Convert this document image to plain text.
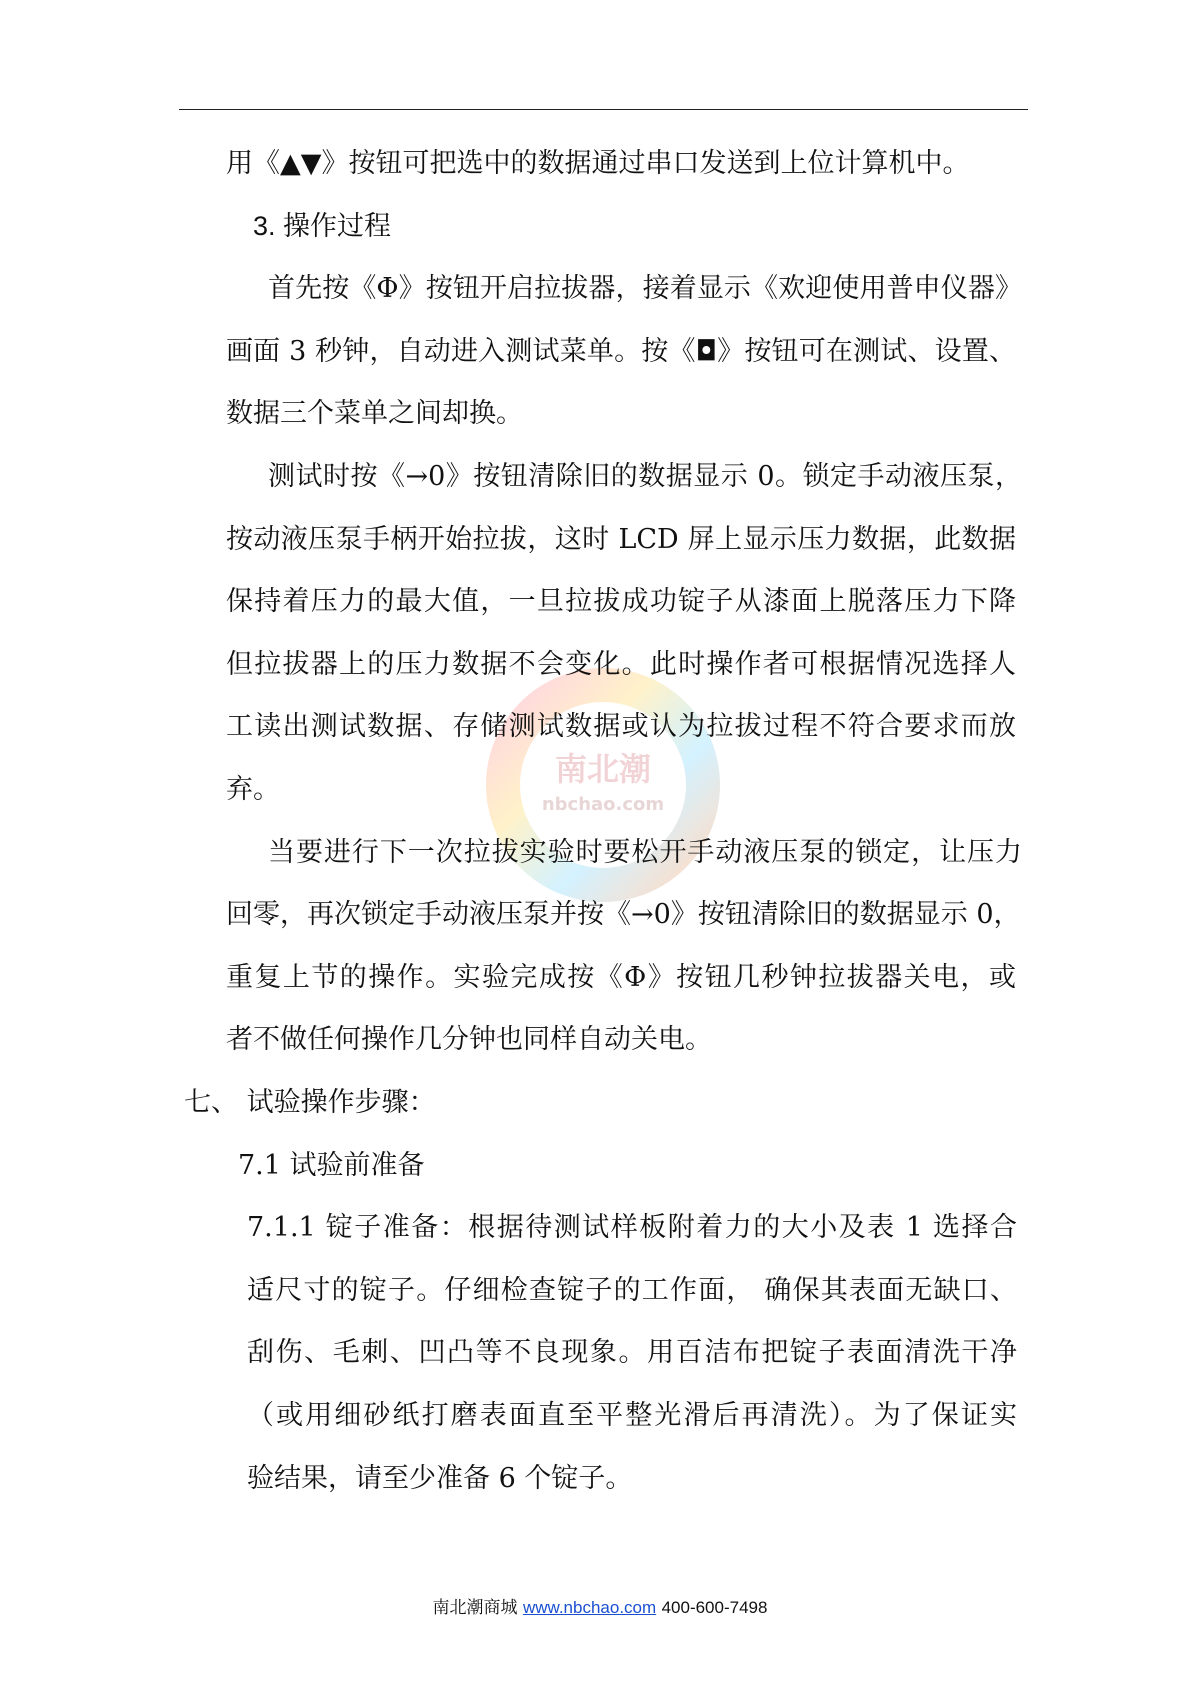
南北潮
nbchao.com
用《▲▼》按钮可把选中的数据通过串口发送到上位计算机中。
3. 操作过程
首先按《Φ》按钮开启拉拔器，接着显示《欢迎使用普申仪器》
画面 3 秒钟，自动进入测试菜单。按《◘》按钮可在测试、设置、
数据三个菜单之间却换。
测试时按《→0》按钮清除旧的数据显示 0。锁定手动液压泵，
按动液压泵手柄开始拉拔，这时 LCD 屏上显示压力数据，此数据
保持着压力的最大值，一旦拉拔成功锭子从漆面上脱落压力下降
但拉拔器上的压力数据不会变化。此时操作者可根据情况选择人
工读出测试数据、存储测试数据或认为拉拔过程不符合要求而放
弃。
当要进行下一次拉拔实验时要松开手动液压泵的锁定，让压力
回零，再次锁定手动液压泵并按《→0》按钮清除旧的数据显示 0，
重复上节的操作。实验完成按《Φ》按钮几秒钟拉拔器关电，或
者不做任何操作几分钟也同样自动关电。
七、 试验操作步骤：
7.1 试验前准备
7.1.1 锭子准备：根据待测试样板附着力的大小及表 1 选择合
适尺寸的锭子。仔细检查锭子的工作面， 确保其表面无缺口、
刮伤、毛刺、凹凸等不良现象。用百洁布把锭子表面清洗干净
（或用细砂纸打磨表面直至平整光滑后再清洗）。为了保证实
验结果，请至少准备 6 个锭子。
南北潮商城 www.nbchao.com 400-600-7498
